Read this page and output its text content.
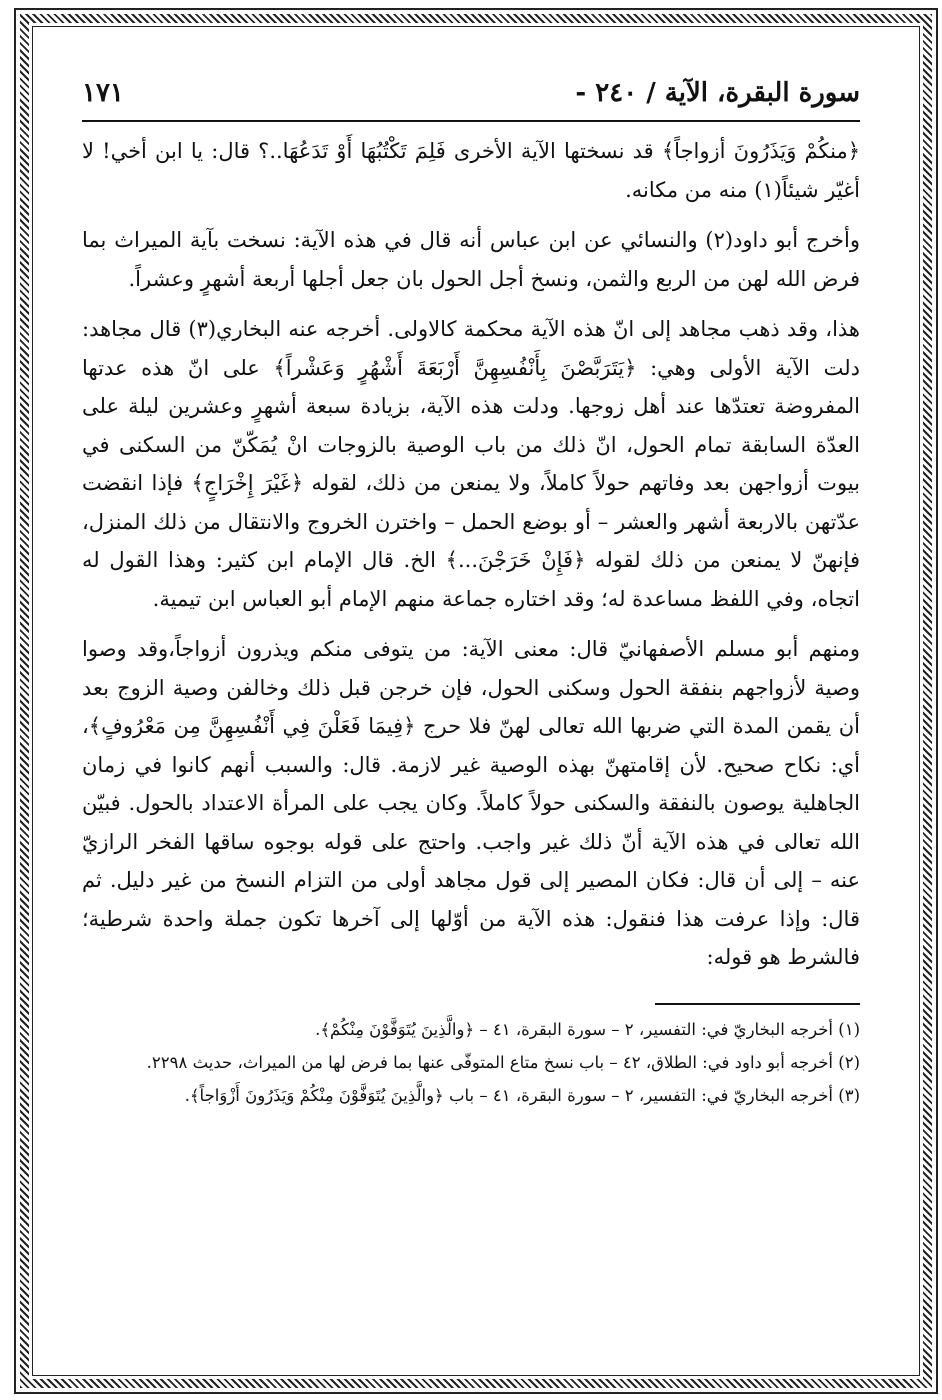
سورة البقرة، الآية / ٢٤٠ -
١٧١

﴿منكُمْ وَيَذَرُونَ أزواجاً﴾ قد نسختها الآية الأخرى فَلِمَ تَكْتُبُهَا أَوْ تَدَعُهَا..؟ قال: يا ابن أخي! لا أغيّر شيئاً(١) منه من مكانه.

وأخرج أبو داود(٢) والنسائي عن ابن عباس أنه قال في هذه الآية: نسخت بآية الميراث بما فرض الله لهن من الربع والثمن، ونسخ أجل الحول بان جعل أجلها أربعة أشهرٍ وعشراً.

هذا، وقد ذهب مجاهد إلى انّ هذه الآية محكمة كالاولى. أخرجه عنه البخاري(٣) قال مجاهد: دلت الآية الأولى وهي: ﴿يَتَرَبَّصْنَ بِأَنْفُسِهِنَّ أَرْبَعَةَ أَشْهُرٍ وَعَشْراً﴾ على انّ هذه عدتها المفروضة تعتدّها عند أهل زوجها. ودلت هذه الآية، بزيادة سبعة أشهرٍ وعشرين ليلة على العدّة السابقة تمام الحول، انّ ذلك من باب الوصية بالزوجات انْ يُمَكّنّ من السكنى في بيوت أزواجهن بعد وفاتهم حولاً كاملاً، ولا يمنعن من ذلك، لقوله ﴿غَيْرَ إِخْرَاجٍ﴾ فإذا انقضت عدّتهن بالاربعة أشهر والعشر – أو بوضع الحمل – واخترن الخروج والانتقال من ذلك المنزل، فإنهنّ لا يمنعن من ذلك لقوله ﴿فَإِنْ خَرَجْنَ...﴾ الخ. قال الإمام ابن كثير: وهذا القول له اتجاه، وفي اللفظ مساعدة له؛ وقد اختاره جماعة منهم الإمام أبو العباس ابن تيمية.

ومنهم أبو مسلم الأصفهانيّ قال: معنى الآية: من يتوفى منكم ويذرون أزواجاً،وقد وصوا وصية لأزواجهم بنفقة الحول وسكنى الحول، فإن خرجن قبل ذلك وخالفن وصية الزوج بعد أن يقمن المدة التي ضربها الله تعالى لهنّ فلا حرج ﴿فِيمَا فَعَلْنَ فِي أَنْفُسِهِنَّ مِن مَعْرُوفٍ﴾، أي: نكاح صحيح. لأن إقامتهنّ بهذه الوصية غير لازمة. قال: والسبب أنهم كانوا في زمان الجاهلية يوصون بالنفقة والسكنى حولاً كاملاً. وكان يجب على المرأة الاعتداد بالحول. فبيّن الله تعالى في هذه الآية أنّ ذلك غير واجب. واحتج على قوله بوجوه ساقها الفخر الرازيّ عنه – إلى أن قال: فكان المصير إلى قول مجاهد أولى من التزام النسخ من غير دليل. ثم قال: وإذا عرفت هذا فنقول: هذه الآية من أوّلها إلى آخرها تكون جملة واحدة شرطية؛ فالشرط هو قوله:

(١) أخرجه البخاريّ في: التفسير، ٢ – سورة البقرة، ٤١ – ﴿والَّذِينَ يُتَوَفَّوْنَ مِنْكُمْ﴾.
(٢) أخرجه أبو داود في: الطلاق، ٤٢ – باب نسخ متاع المتوفّى عنها بما فرض لها من الميراث، حديث ٢٢٩٨.
(٣) أخرجه البخاريّ في: التفسير، ٢ – سورة البقرة، ٤١ – باب ﴿والَّذِينَ يُتَوَفَّوْنَ مِنْكُمْ وَيَذَرُونَ أَزْوَاجاً﴾.
